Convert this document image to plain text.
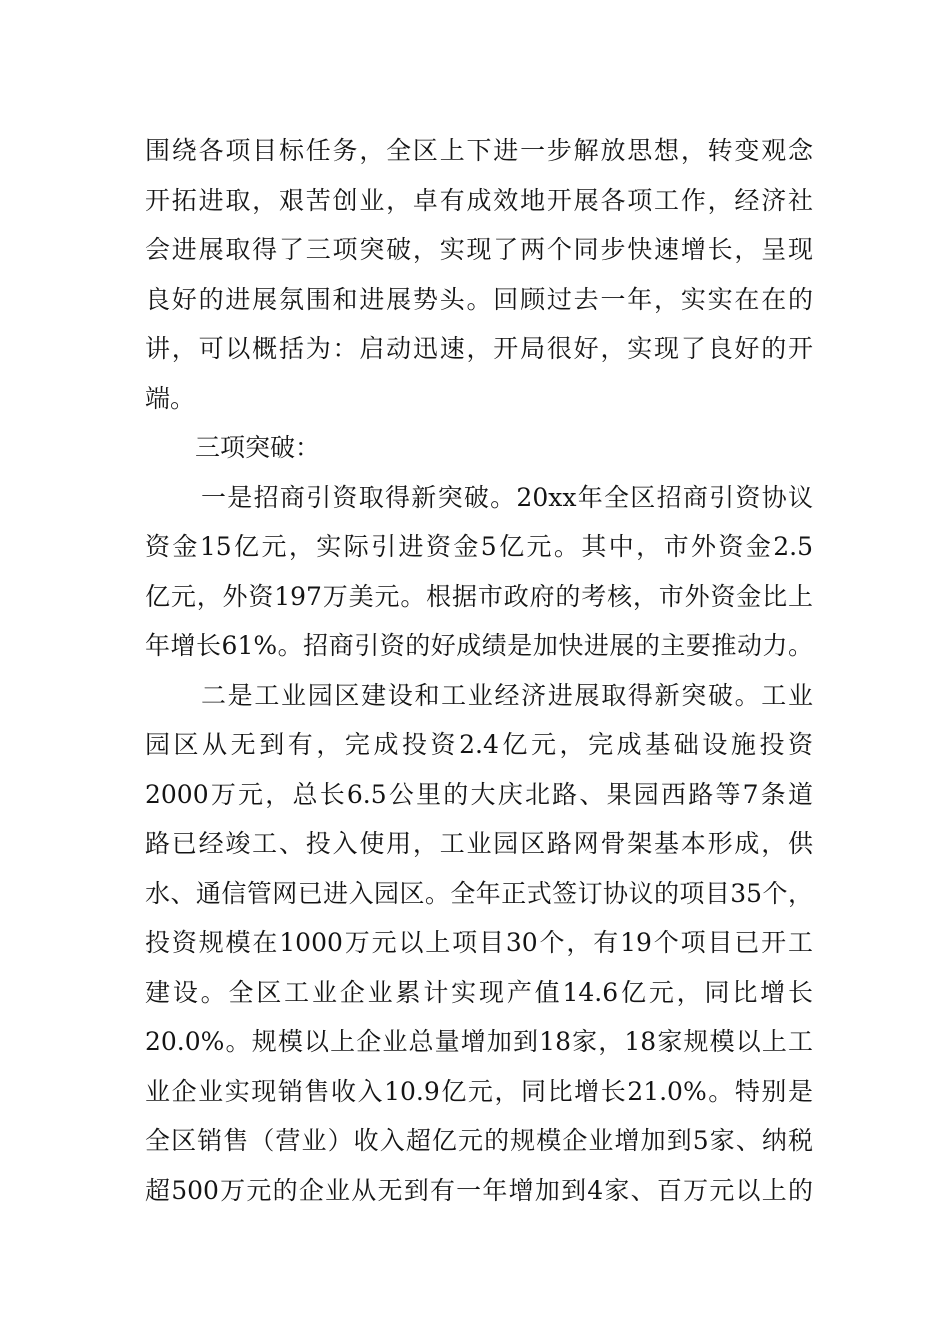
围绕各项目标任务，全区上下进一步解放思想，转变观念
开拓进取，艰苦创业，卓有成效地开展各项工作，经济社
会进展取得了三项突破，实现了两个同步快速增长，呈现
良好的进展氛围和进展势头。回顾过去一年，实实在在的
讲，可以概括为：启动迅速，开局很好，实现了良好的开
端。
三项突破：
一是招商引资取得新突破。20xx年全区招商引资协议
资金15亿元，实际引进资金5亿元。其中，市外资金2.5
亿元，外资197万美元。根据市政府的考核，市外资金比上
年增长61%。招商引资的好成绩是加快进展的主要推动力。
二是工业园区建设和工业经济进展取得新突破。工业
园区从无到有，完成投资2.4亿元，完成基础设施投资
2000万元，总长6.5公里的大庆北路、果园西路等7条道
路已经竣工、投入使用，工业园区路网骨架基本形成，供
水、通信管网已进入园区。全年正式签订协议的项目35个，
投资规模在1000万元以上项目30个，有19个项目已开工
建设。全区工业企业累计实现产值14.6亿元，同比增长
20.0%。规模以上企业总量增加到18家，18家规模以上工
业企业实现销售收入10.9亿元，同比增长21.0%。特别是
全区销售（营业）收入超亿元的规模企业增加到5家、纳税
超500万元的企业从无到有一年增加到4家、百万元以上的
